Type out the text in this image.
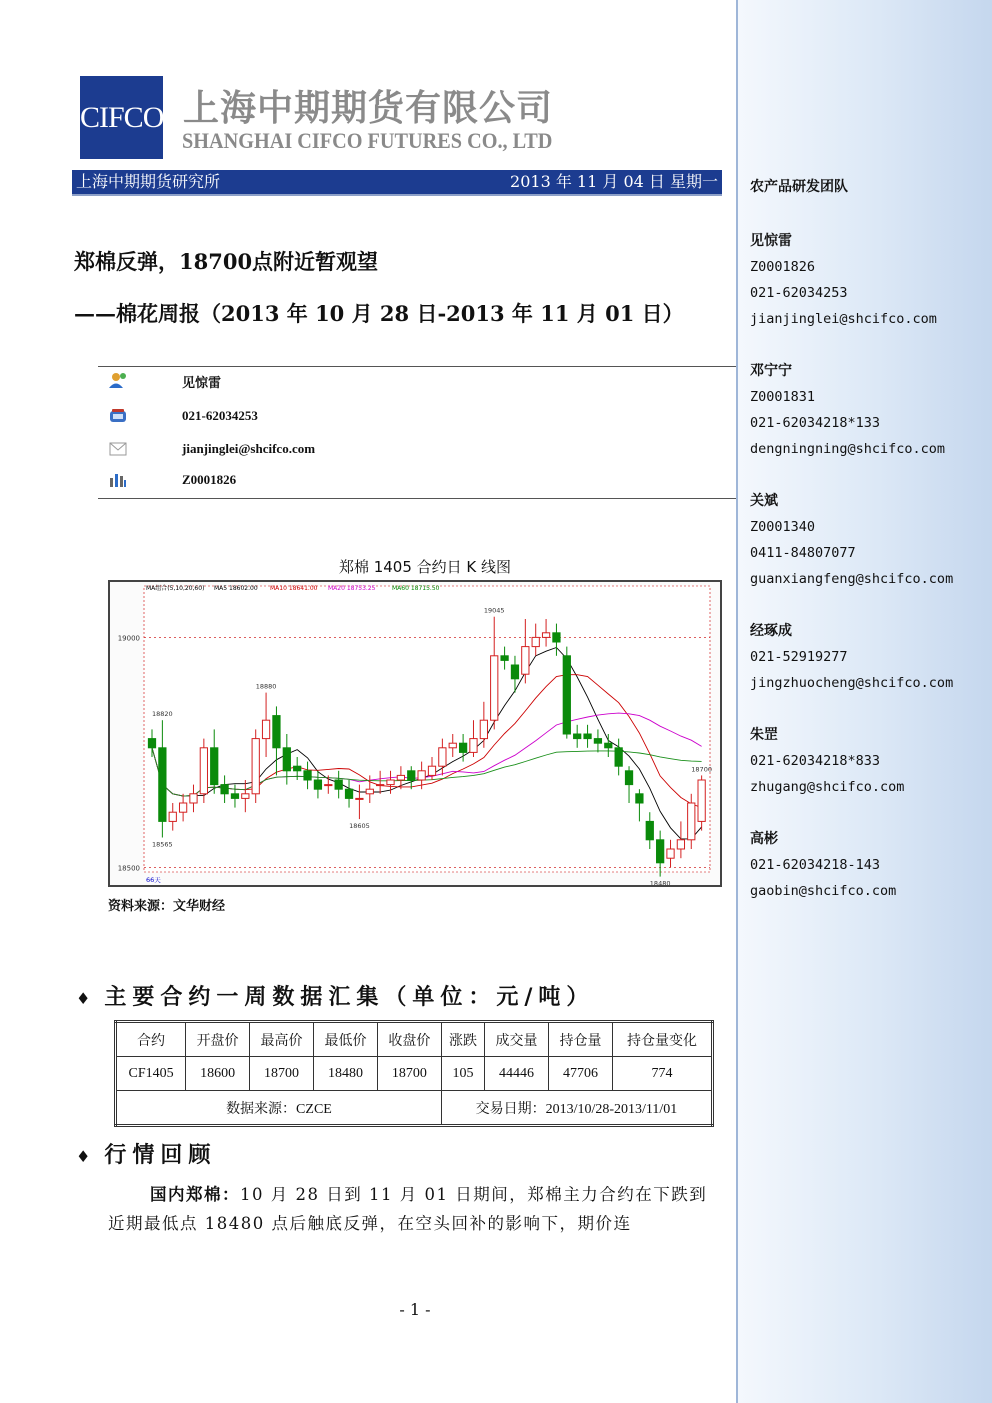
CIFCO 上海中期期货有限公司
SHANGHAI CIFCO FUTURES CO., LTD
上海中期期货研究所	2013 年 11 月 04 日 星期一
郑棉反弹，18700点附近暂观望
——棉花周报（2013 年 10 月 28 日-2013 年 11 月 01 日）
见惊雷
021-62034253
jianjinglei@shcifco.com
Z0001826
郑棉 1405 合约日 K 线图
19000
18500
MA组合(5,10,20,60) MA5 18602.00 MA10 18641.00 MA20 18753.25	MA60 18715.50
66天
18820
18565
18880
18605
19045
18480
18700
资料来源：文华财经
♦ 主要合约一周数据汇集（单位：元/吨）
合约	开盘价	最高价	最低价	收盘价	涨跌	成交量	持仓量	持仓量变化
CF1405	18600	18700	18480	18700	105	44446	47706	774
数据来源：CZCE					交易日期：2013/10/28-2013/11/01			
♦ 行情回顾
国内郑棉：10 月 28 日到 11 月 01 日期间，郑棉主力合约在下跌到近期最低点 18480 点后触底反弹，在空头回补的影响下，期价连
- 1 -
农产品研发团队
见惊雷
Z0001826
021-62034253
jianjinglei@shcifco.com
邓宁宁
Z0001831
021-62034218*133
dengningning@shcifco.com
关斌
Z0001340
0411-84807077
guanxiangfeng@shcifco.com
经琢成
021-52919277
jingzhuocheng@shcifco.com
朱罡
021-62034218*833
zhugang@shcifco.com
高彬
021-62034218-143
gaobin@shcifco.com
